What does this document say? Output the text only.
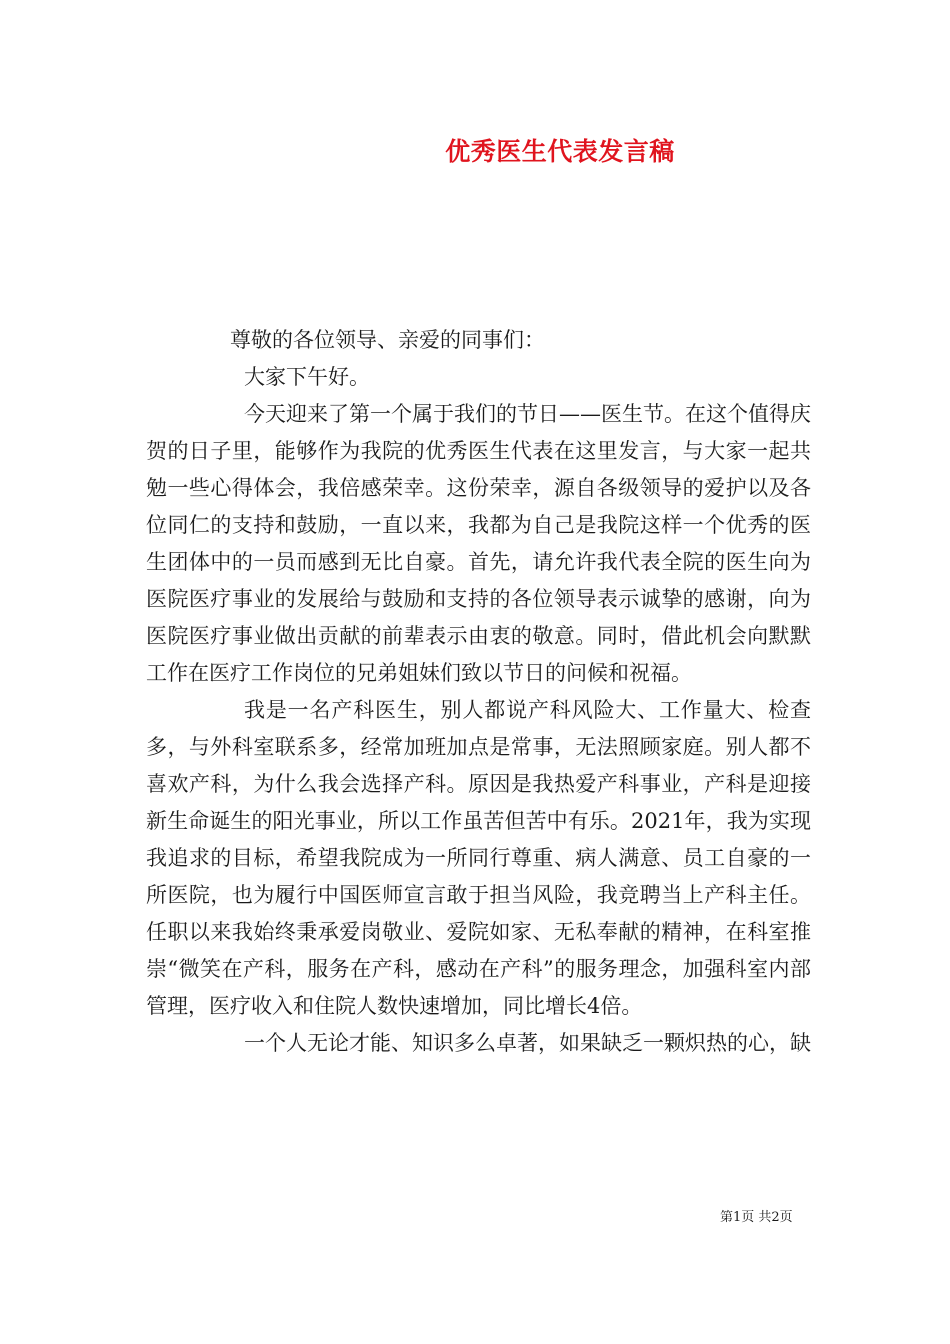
优秀医生代表发言稿

尊敬的各位领导、亲爱的同事们：

大家下午好。

今天迎来了第一个属于我们的节日——医生节。在这个值得庆贺的日子里，能够作为我院的优秀医生代表在这里发言，与大家一起共勉一些心得体会，我倍感荣幸。这份荣幸，源自各级领导的爱护以及各位同仁的支持和鼓励，一直以来，我都为自己是我院这样一个优秀的医生团体中的一员而感到无比自豪。首先，请允许我代表全院的医生向为医院医疗事业的发展给与鼓励和支持的各位领导表示诚挚的感谢，向为医院医疗事业做出贡献的前辈表示由衷的敬意。同时，借此机会向默默工作在医疗工作岗位的兄弟姐妹们致以节日的问候和祝福。

我是一名产科医生，别人都说产科风险大、工作量大、检查多，与外科室联系多，经常加班加点是常事，无法照顾家庭。别人都不喜欢产科，为什么我会选择产科。原因是我热爱产科事业，产科是迎接新生命诞生的阳光事业，所以工作虽苦但苦中有乐。2021年，我为实现我追求的目标，希望我院成为一所同行尊重、病人满意、员工自豪的一所医院，也为履行中国医师宣言敢于担当风险，我竞聘当上产科主任。任职以来我始终秉承爱岗敬业、爱院如家、无私奉献的精神，在科室推崇“微笑在产科，服务在产科，感动在产科”的服务理念，加强科室内部管理，医疗收入和住院人数快速增加，同比增长4倍。

一个人无论才能、知识多么卓著，如果缺乏一颗炽热的心，缺

第1页 共2页
